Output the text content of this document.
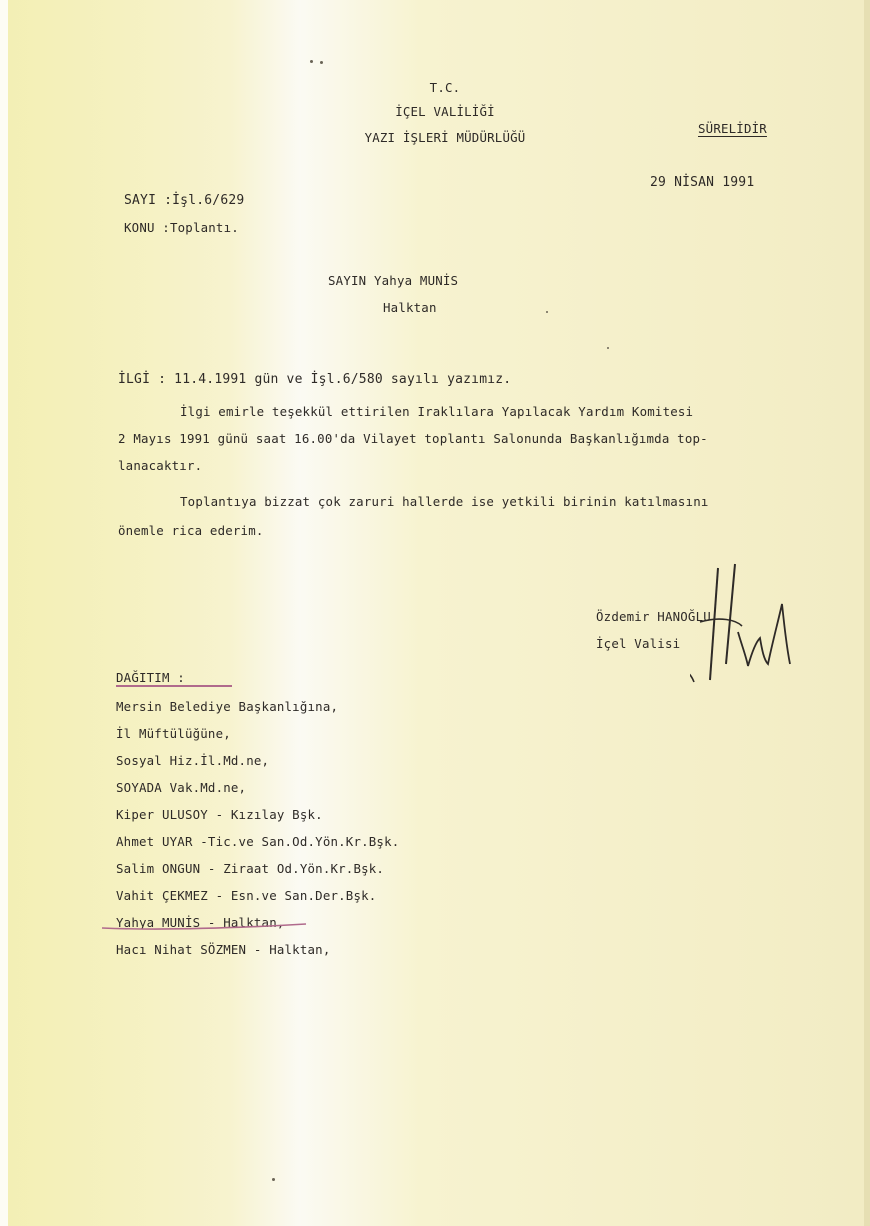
T.C.
İÇEL VALİLİĞİ
YAZI İŞLERİ MÜDÜRLÜĞÜ
SÜRELİDİR
29 NİSAN 1991
SAYI :İşl.6/629
KONU :Toplantı.
SAYIN Yahya MUNİS
Halktan
İLGİ : 11.4.1991 gün ve İşl.6/580 sayılı yazımız.
İlgi emirle teşekkül ettirilen Iraklılara Yapılacak Yardım Komitesi
2 Mayıs 1991 günü saat 16.00'da Vilayet toplantı Salonunda Başkanlığımda top-
lanacaktır.
Toplantıya bizzat çok zaruri hallerde ise yetkili birinin katılmasını
önemle rica ederim.
Özdemir HANOĞLU
İçel Valisi
DAĞITIM :
Mersin Belediye Başkanlığına,
İl Müftülüğüne,
Sosyal Hiz.İl.Md.ne,
SOYADA Vak.Md.ne,
Kiper ULUSOY - Kızılay Bşk.
Ahmet UYAR -Tic.ve San.Od.Yön.Kr.Bşk.
Salim ONGUN - Ziraat Od.Yön.Kr.Bşk.
Vahit ÇEKMEZ - Esn.ve San.Der.Bşk.
Yahya MUNİS - Halktan,
Hacı Nihat SÖZMEN - Halktan,
